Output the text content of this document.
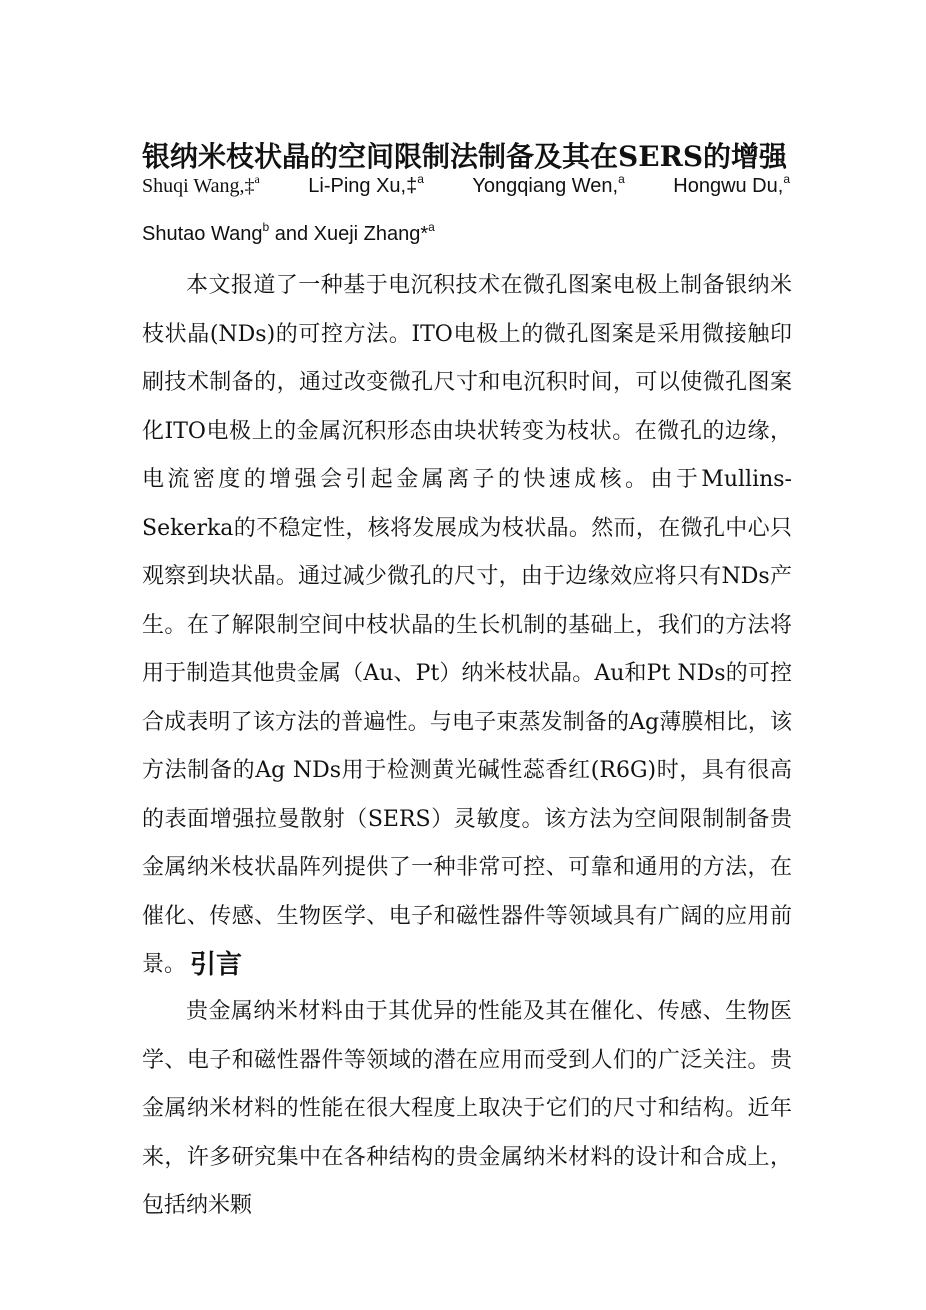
银纳米枝状晶的空间限制法制备及其在SERS的增强
Shuqi Wang,‡$^a$ Li-Ping Xu,‡$^a$ Yongqiang Wen,$^a$ Hongwu Du,$^a$
Shutao Wang$^b$ and Xueji Zhang*$^a$

本文报道了一种基于电沉积技术在微孔图案电极上制备银纳米枝状晶(NDs)的可控方法。ITO电极上的微孔图案是采用微接触印刷技术制备的，通过改变微孔尺寸和电沉积时间，可以使微孔图案化ITO电极上的金属沉积形态由块状转变为枝状。在微孔的边缘，电流密度的增强会引起金属离子的快速成核。由于Mullins-Sekerka的不稳定性，核将发展成为枝状晶。然而，在微孔中心只观察到块状晶。通过减少微孔的尺寸，由于边缘效应将只有NDs产生。在了解限制空间中枝状晶的生长机制的基础上，我们的方法将用于制造其他贵金属（Au、Pt）纳米枝状晶。Au和Pt NDs的可控合成表明了该方法的普遍性。与电子束蒸发制备的Ag薄膜相比，该方法制备的Ag NDs用于检测黄光碱性蕊香红(R6G)时，具有很高的表面增强拉曼散射（SERS）灵敏度。该方法为空间限制制备贵金属纳米枝状晶阵列提供了一种非常可控、可靠和通用的方法，在催化、传感、生物医学、电子和磁性器件等领域具有广阔的应用前景。 引言

贵金属纳米材料由于其优异的性能及其在催化、传感、生物医学、电子和磁性器件等领域的潜在应用而受到人们的广泛关注。贵金属纳米材料的性能在很大程度上取决于它们的尺寸和结构。近年来，许多研究集中在各种结构的贵金属纳米材料的设计和合成上，包括纳米颗
